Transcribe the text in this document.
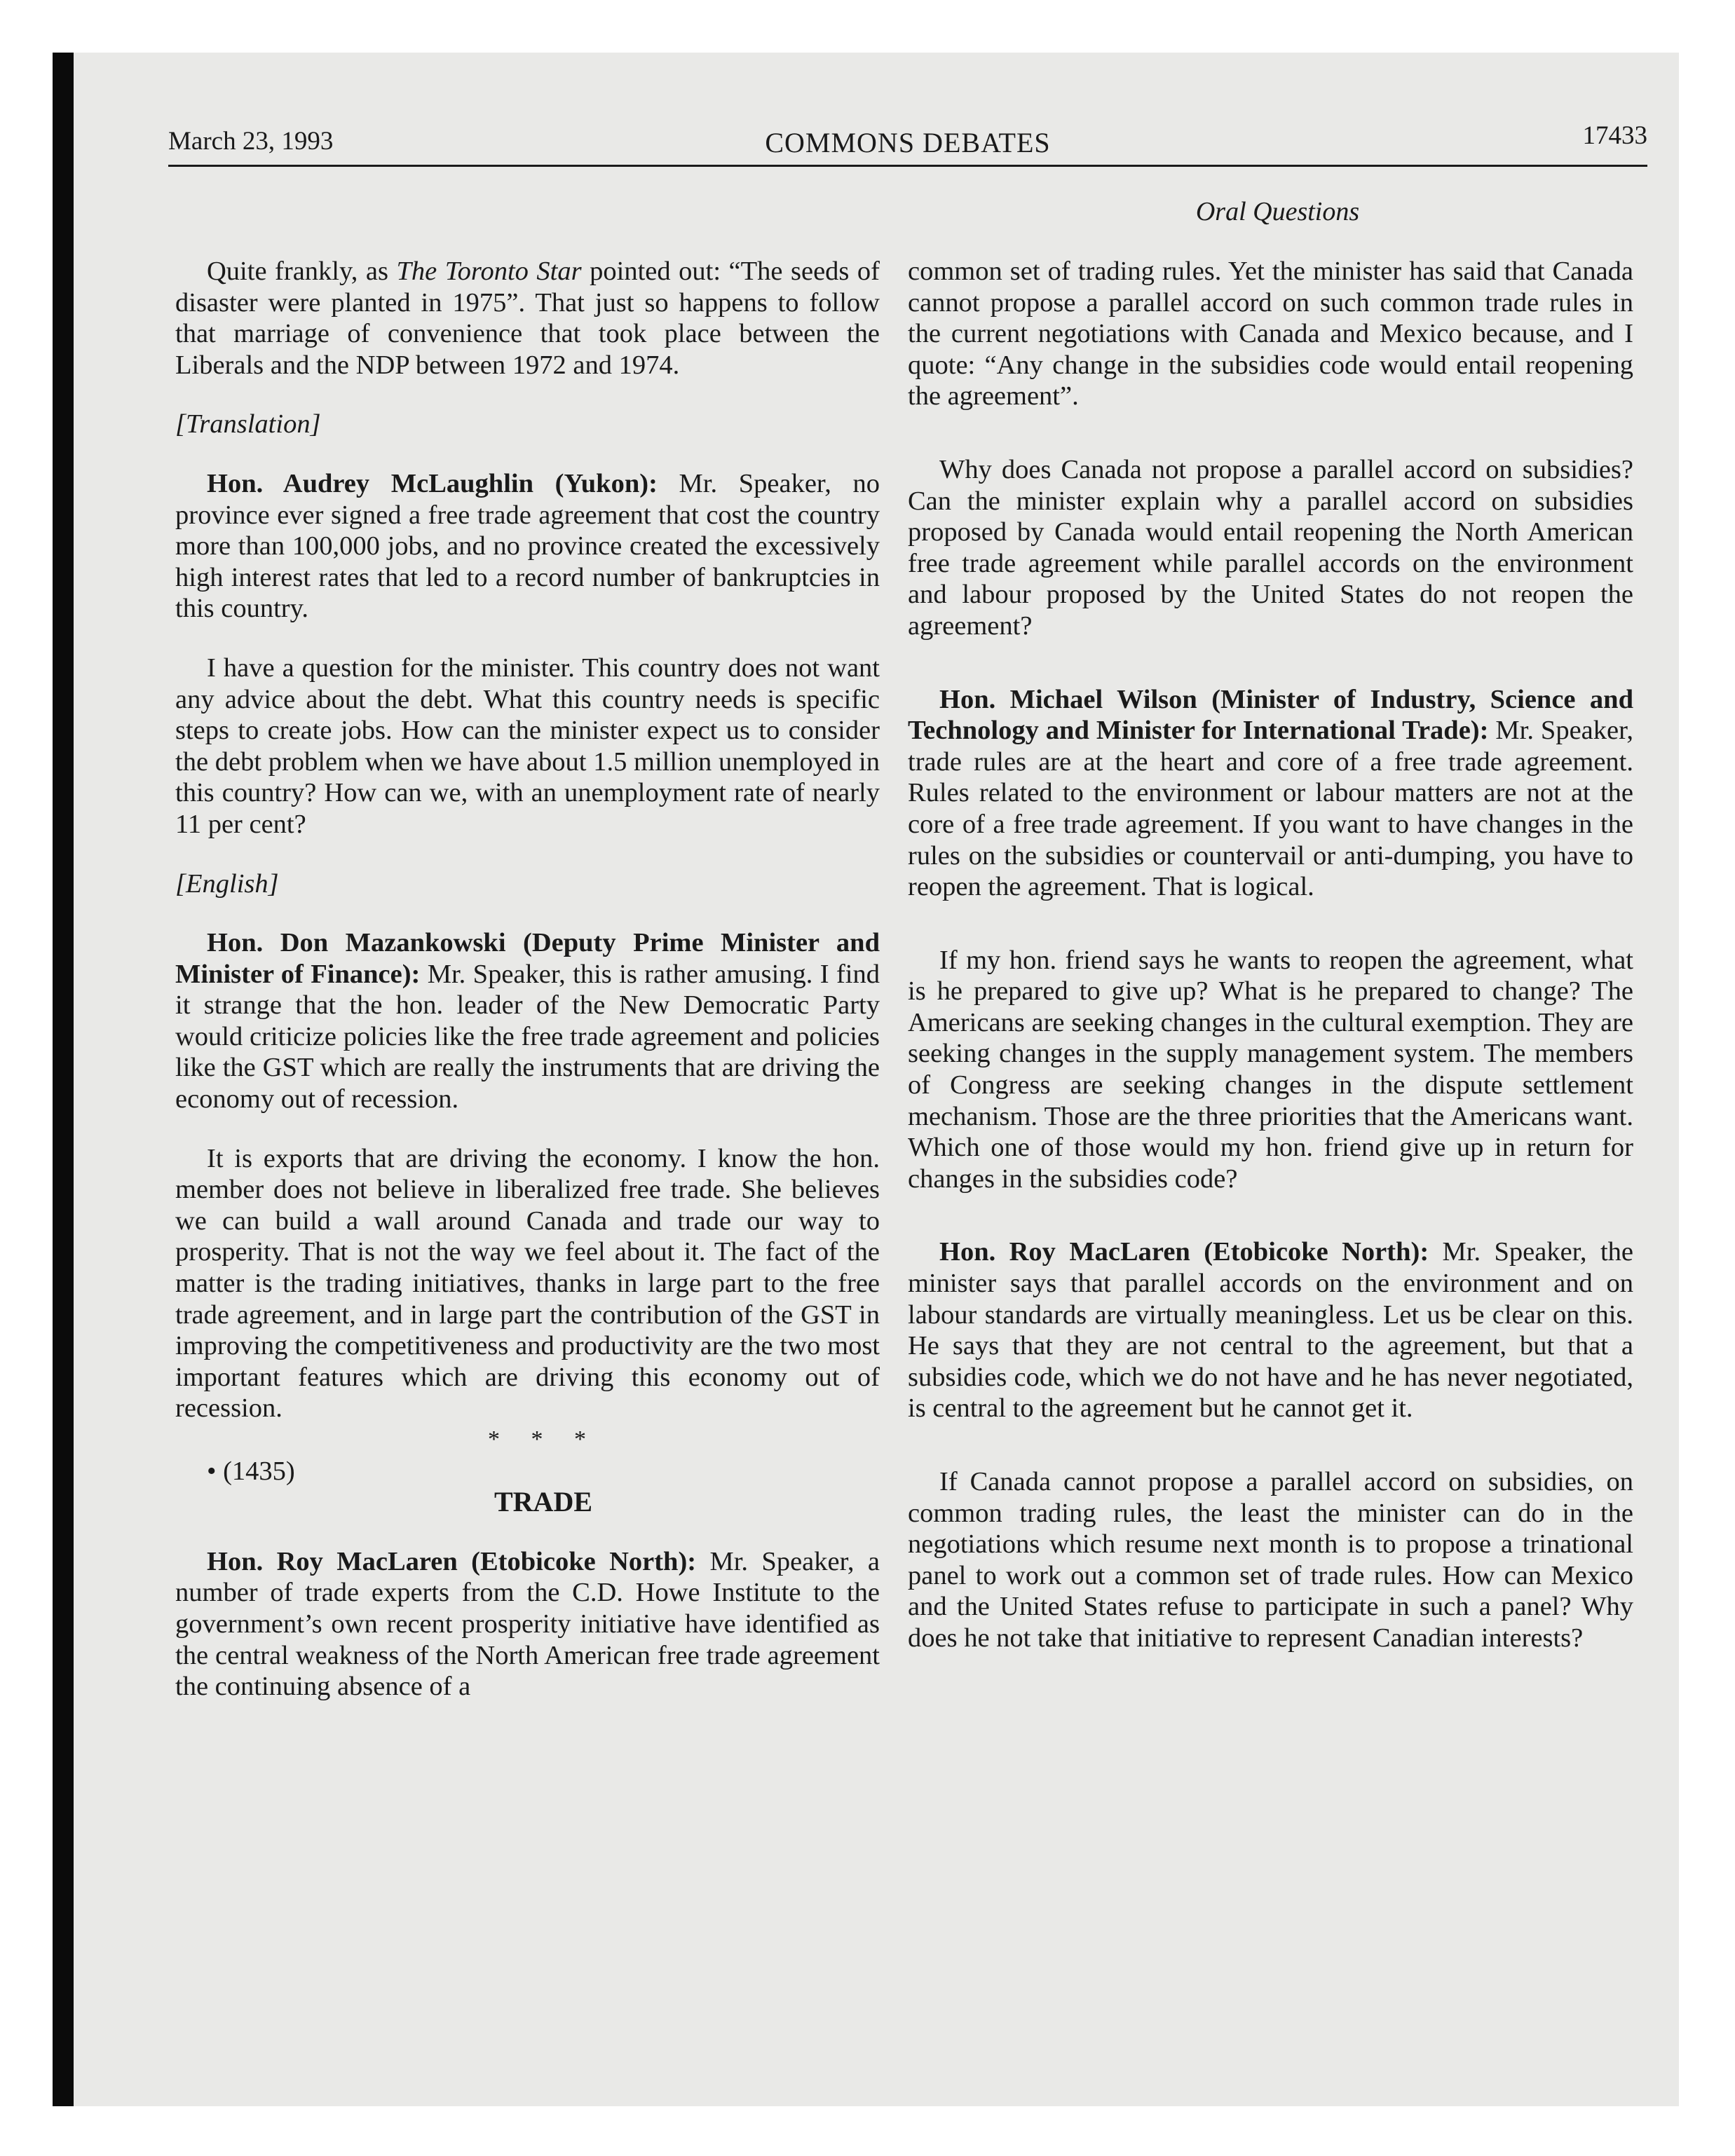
March 23, 1993	COMMONS DEBATES	17433
Oral Questions

Quite frankly, as The Toronto Star pointed out: “The seeds of disaster were planted in 1975”. That just so happens to follow that marriage of convenience that took place between the Liberals and the NDP between 1972 and 1974.

[Translation]

Hon. Audrey McLaughlin (Yukon): Mr. Speaker, no province ever signed a free trade agreement that cost the country more than 100,000 jobs, and no province created the excessively high interest rates that led to a record number of bankruptcies in this country.

I have a question for the minister. This country does not want any advice about the debt. What this country needs is specific steps to create jobs. How can the minister expect us to consider the debt problem when we have about 1.5 million unemployed in this country? How can we, with an unemployment rate of nearly 11 per cent?

[English]

Hon. Don Mazankowski (Deputy Prime Minister and Minister of Finance): Mr. Speaker, this is rather amusing. I find it strange that the hon. leader of the New Democratic Party would criticize policies like the free trade agreement and policies like the GST which are really the instruments that are driving the economy out of recession.

It is exports that are driving the economy. I know the hon. member does not believe in liberalized free trade. She believes we can build a wall around Canada and trade our way to prosperity. That is not the way we feel about it. The fact of the matter is the trading initiatives, thanks in large part to the free trade agreement, and in large part the contribution of the GST in improving the competitiveness and productivity are the two most important features which are driving this economy out of recession.

* * *

• (1435)

TRADE

Hon. Roy MacLaren (Etobicoke North): Mr. Speaker, a number of trade experts from the C.D. Howe Institute to the government’s own recent prosperity initiative have identified as the central weakness of the North American free trade agreement the continuing absence of a

common set of trading rules. Yet the minister has said that Canada cannot propose a parallel accord on such common trade rules in the current negotiations with Canada and Mexico because, and I quote: “Any change in the subsidies code would entail reopening the agreement”.

Why does Canada not propose a parallel accord on subsidies? Can the minister explain why a parallel accord on subsidies proposed by Canada would entail reopening the North American free trade agreement while parallel accords on the environment and labour proposed by the United States do not reopen the agreement?

Hon. Michael Wilson (Minister of Industry, Science and Technology and Minister for International Trade): Mr. Speaker, trade rules are at the heart and core of a free trade agreement. Rules related to the environment or labour matters are not at the core of a free trade agreement. If you want to have changes in the rules on the subsidies or countervail or anti-dumping, you have to reopen the agreement. That is logical.

If my hon. friend says he wants to reopen the agreement, what is he prepared to give up? What is he prepared to change? The Americans are seeking changes in the cultural exemption. They are seeking changes in the supply management system. The members of Congress are seeking changes in the dispute settlement mechanism. Those are the three priorities that the Americans want. Which one of those would my hon. friend give up in return for changes in the subsidies code?

Hon. Roy MacLaren (Etobicoke North): Mr. Speaker, the minister says that parallel accords on the environment and on labour standards are virtually meaningless. Let us be clear on this. He says that they are not central to the agreement, but that a subsidies code, which we do not have and he has never negotiated, is central to the agreement but he cannot get it.

If Canada cannot propose a parallel accord on subsidies, on common trading rules, the least the minister can do in the negotiations which resume next month is to propose a trinational panel to work out a common set of trade rules. How can Mexico and the United States refuse to participate in such a panel? Why does he not take that initiative to represent Canadian interests?
